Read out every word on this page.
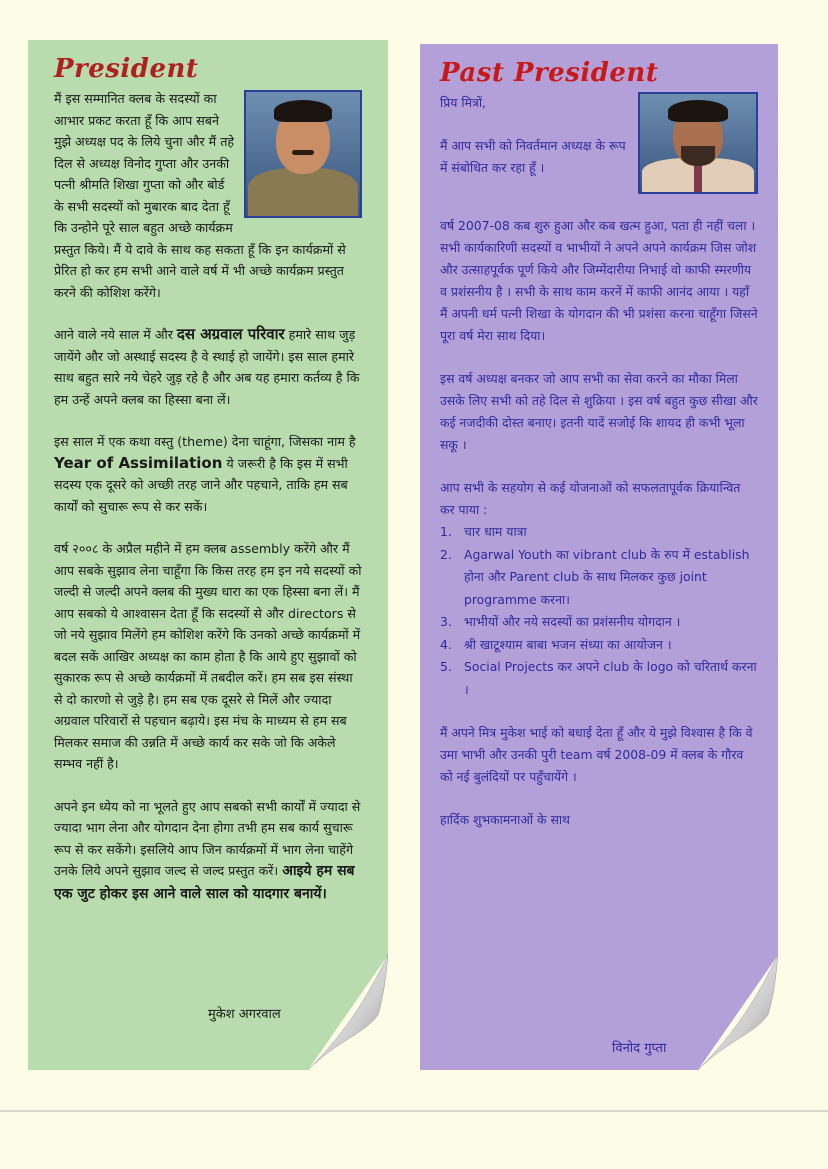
President

मैं इस सम्मानित क्लब के सदस्यों का आभार प्रकट करता हूँ कि आप सबने मुझे अध्यक्ष पद के लिये चुना और मैं तहे दिल से अध्यक्ष विनोद गुप्ता और उनकी पत्नी श्रीमति शिखा गुप्ता को और बोर्ड के सभी सदस्यों को मुबारक बाद देता हूँ कि उन्होने पूरे साल बहुत अच्छे कार्यक्रम प्रस्तुत किये। मैं ये दावे के साथ कह सकता हूँ कि इन कार्यक्रमों से प्रेरित हो कर हम सभी आने वाले वर्ष में भी अच्छे कार्यक्रम प्रस्तुत करने की कोशिश करेंगे।

आने वाले नये साल में और दस अग्रवाल परिवार हमारे साथ जुड़ जायेंगे और जो अस्थाई सदस्य है वे स्थाई हो जायेंगे। इस साल हमारे साथ बहुत सारे नये चेहरे जुड़ रहे है और अब यह हमारा कर्तव्य है कि हम उन्हें अपने क्लब का हिस्सा बना लें।

इस साल में एक कथा वस्तु (theme) देना चाहूंगा, जिसका नाम है Year of Assimilation ये जरूरी है कि इस में सभी सदस्य एक दूसरे को अच्छी तरह जाने और पहचाने, ताकि हम सब कार्यों को सुचारू रूप से कर सकें।

वर्ष २००८ के अप्रैल महीने में हम क्लब assembly करेंगे और मैं आप सबके सुझाव लेना चाहूँगा कि किस तरह हम इन नये सदस्यों को जल्दी से जल्दी अपने क्लब की मुख्य धारा का एक हिस्सा बना लें। मैं आप सबको ये आश्वासन देता हूँ कि सदस्यों से और directors से जो नये सुझाव मिलेंगे हम कोशिश करेंगे कि उनको अच्छे कार्यक्रमों में बदल सकें आखिर अध्यक्ष का काम होता है कि आये हुए सुझावों को सुकारक रूप से अच्छे कार्यक्रमों में तबदील करें। हम सब इस संस्था से दो कारणो से जुड़े है। हम सब एक दूसरे से मिलें और ज्यादा अग्रवाल परिवारों से पहचान बढ़ाये। इस मंच के माध्यम से हम सब मिलकर समाज की उन्नति में अच्छे कार्य कर सके जो कि अकेले सम्भव नहीं है।

अपने इन ध्येय को ना भूलते हुए आप सबको सभी कार्यों में ज्यादा से ज्यादा भाग लेना और योगदान देना होगा तभी हम सब कार्य सुचारू रूप से कर सकेंगे। इसलिये आप जिन कार्यक्रमों में भाग लेना चाहेंगे उनके लिये अपने सुझाव जल्द से जल्द प्रस्तुत करें। आइये हम सब एक जुट होकर इस आने वाले साल को यादगार बनायें।

मुकेश अगरवाल
Past President

प्रिय मित्रों,

मैं आप सभी को निवर्तमान अध्यक्ष के रूप में संबोधित कर रहा हूँ ।

वर्ष 2007-08 कब शुरु हुआ और कब खत्म हुआ, पता ही नहीं चला । सभी कार्यकारिणी सदस्यों व भाभीयों ने अपने अपने कार्यक्रम जिस जोश और उत्साहपूर्वक पूर्ण किये और जिम्मेंदारीया निभाई वो काफी स्मरणीय व प्रशंसनीय है । सभी के साथ काम करनें में काफी आनंद आया । यहाँ मैं अपनी धर्म पत्नी शिखा के योगदान की भी प्रशंसा करना चाहूँगा जिसने पूरा वर्ष मेरा साथ दिया।

इस वर्ष अध्यक्ष बनकर जो आप सभी का सेवा करने का मौका मिला उसके लिए सभी को तहे दिल से शुक्रिया । इस वर्ष बहुत कुछ सीखा और कई नजदीकी दोस्त बनाए। इतनी यादें सजोई कि शायद ही कभी भूला सकू ।

आप सभी के सहयोग से कई योजनाओं को सफलतापूर्वक क्रियान्वित कर पाया :

1. चार धाम यात्रा
2. Agarwal Youth का vibrant club के रुप में establish होना और Parent club के साथ मिलकर कुछ joint programme करना।
3. भाभीयों और नये सदस्यों का प्रशंसनीय योगदान ।
4. श्री खाटूश्याम बाबा भजन संध्या का आयोजन ।
5. Social Projects कर अपने club के logo को चरितार्थ करना ।

मैं अपने मित्र मुकेश भाई को बधाई देता हूँ और ये मुझे विश्वास है कि वे उमा भाभी और उनकी पुरी team वर्ष 2008-09 में क्लब के गौरव को नई बुलंदियों पर पहुँचायेंगे ।

हार्दिक शुभकामनाओं के साथ

विनोद गुप्ता
